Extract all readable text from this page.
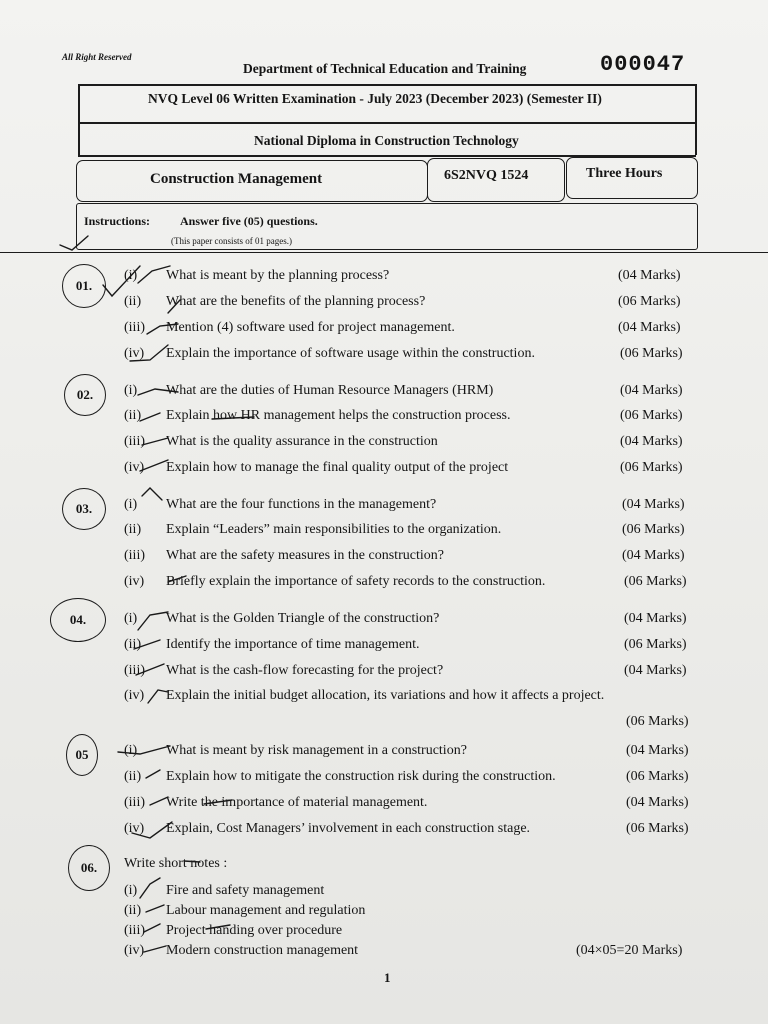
All Right Reserved	000047
Department of Technical Education and Training
NVQ Level 06 Written Examination - July 2023 (December 2023) (Semester II)
National Diploma in Construction Technology
Construction Management	6S2NVQ 1524	Three Hours
Instructions: Answer five (05) questions.
(This paper consists of 01 pages.)
01.
02.
03.
04.
05
06.
(i) What is meant by the planning process?	(04 Marks)
(ii) What are the benefits of the planning process?	(06 Marks)
(iii) Mention (4) software used for project management.	(04 Marks)
(iv) Explain the importance of software usage within the construction.	(06 Marks)
(i) What are the duties of Human Resource Managers (HRM)	(04 Marks)
(ii) Explain how HR management helps the construction process.	(06 Marks)
(iii) What is the quality assurance in the construction	(04 Marks)
(iv) Explain how to manage the final quality output of the project	(06 Marks)
(i) What are the four functions in the management?	(04 Marks)
(ii) Explain “Leaders” main responsibilities to the organization.	(06 Marks)
(iii) What are the safety measures in the construction?	(04 Marks)
(iv) Briefly explain the importance of safety records to the construction.	(06 Marks)
(i) What is the Golden Triangle of the construction?	(04 Marks)
(ii) Identify the importance of time management.	(06 Marks)
(iii) What is the cash-flow forecasting for the project?	(04 Marks)
(iv) Explain the initial budget allocation, its variations and how it affects a project.
(06 Marks)
(i) What is meant by risk management in a construction?	(04 Marks)
(ii) Explain how to mitigate the construction risk during the construction.	(06 Marks)
(iii) Write the importance of material management.	(04 Marks)
(iv) Explain, Cost Managers’ involvement in each construction stage.	(06 Marks)
Write short notes :
(i) Fire and safety management
(ii) Labour management and regulation
(iii) Project handing over procedure
(iv) Modern construction management	(04×05=20 Marks)
1
